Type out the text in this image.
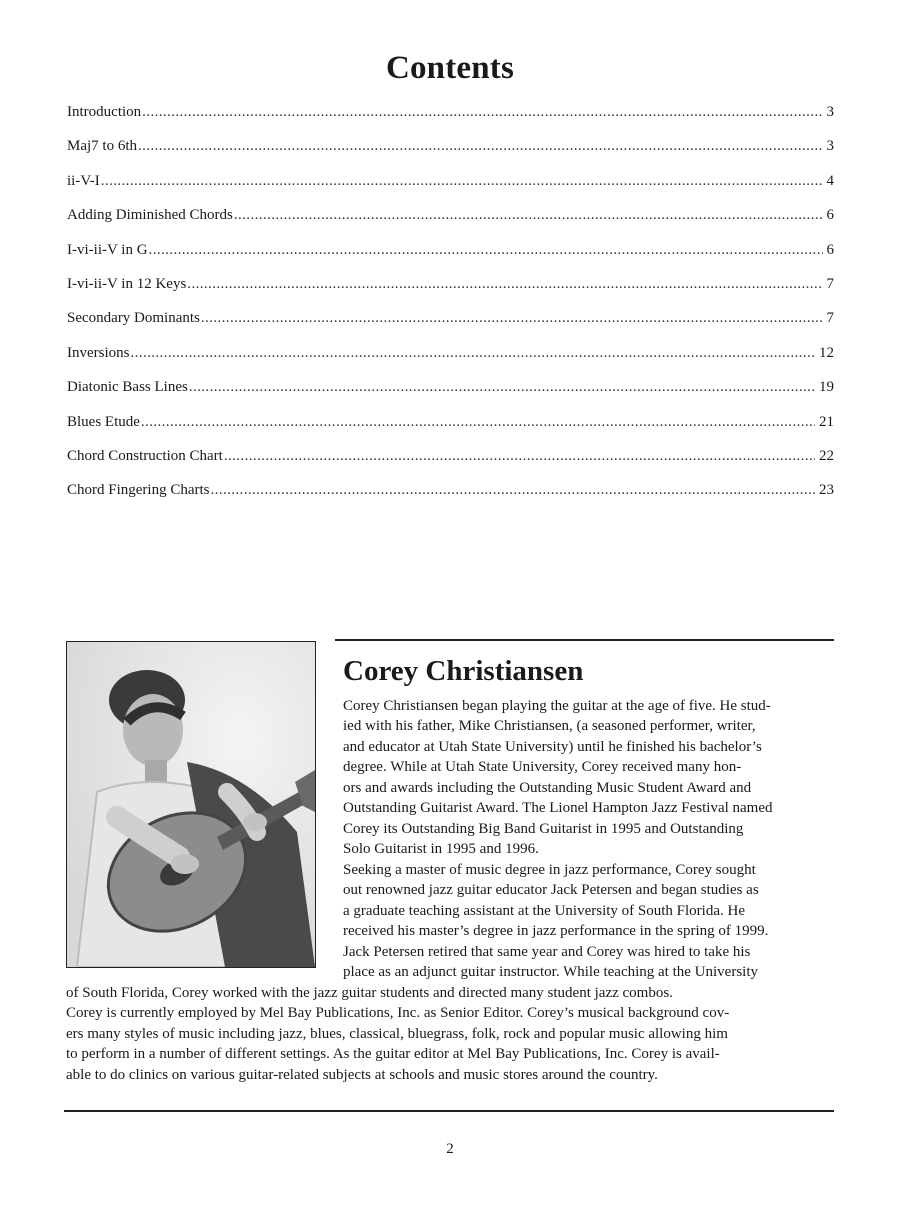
Contents
Introduction .....	3
Maj7 to 6th .....	3
ii-V-I .....	4
Adding Diminished Chords .....	6
I-vi-ii-V in G .....	6
I-vi-ii-V in 12 Keys .....	7
Secondary Dominants .....	7
Inversions .....	12
Diatonic Bass Lines .....	19
Blues Etude .....	21
Chord Construction Chart .....	22
Chord Fingering Charts .....	23
Corey Christiansen

Corey Christiansen began playing the guitar at the age of five. He stud-

ied with his father, Mike Christiansen, (a seasoned performer, writer,

and educator at Utah State University) until he finished his bachelor’s

degree. While at Utah State University, Corey received many hon-

ors and awards including the Outstanding Music Student Award and

Outstanding Guitarist Award. The Lionel Hampton Jazz Festival named

Corey its Outstanding Big Band Guitarist in 1995 and Outstanding

Solo Guitarist in 1995 and 1996.

Seeking a master of music degree in jazz performance, Corey sought

out renowned jazz guitar educator Jack Petersen and began studies as

a graduate teaching assistant at the University of South Florida. He

received his master’s degree in jazz performance in the spring of 1999.

Jack Petersen retired that same year and Corey was hired to take his

place as an adjunct guitar instructor. While teaching at the University

of South Florida, Corey worked with the jazz guitar students and directed many student jazz combos.

Corey is currently employed by Mel Bay Publications, Inc. as Senior Editor. Corey’s musical background cov-

ers many styles of music including jazz, blues, classical, bluegrass, folk, rock and popular music allowing him

to perform in a number of different settings. As the guitar editor at Mel Bay Publications, Inc. Corey is avail-

able to do clinics on various guitar-related subjects at schools and music stores around the country.

2
